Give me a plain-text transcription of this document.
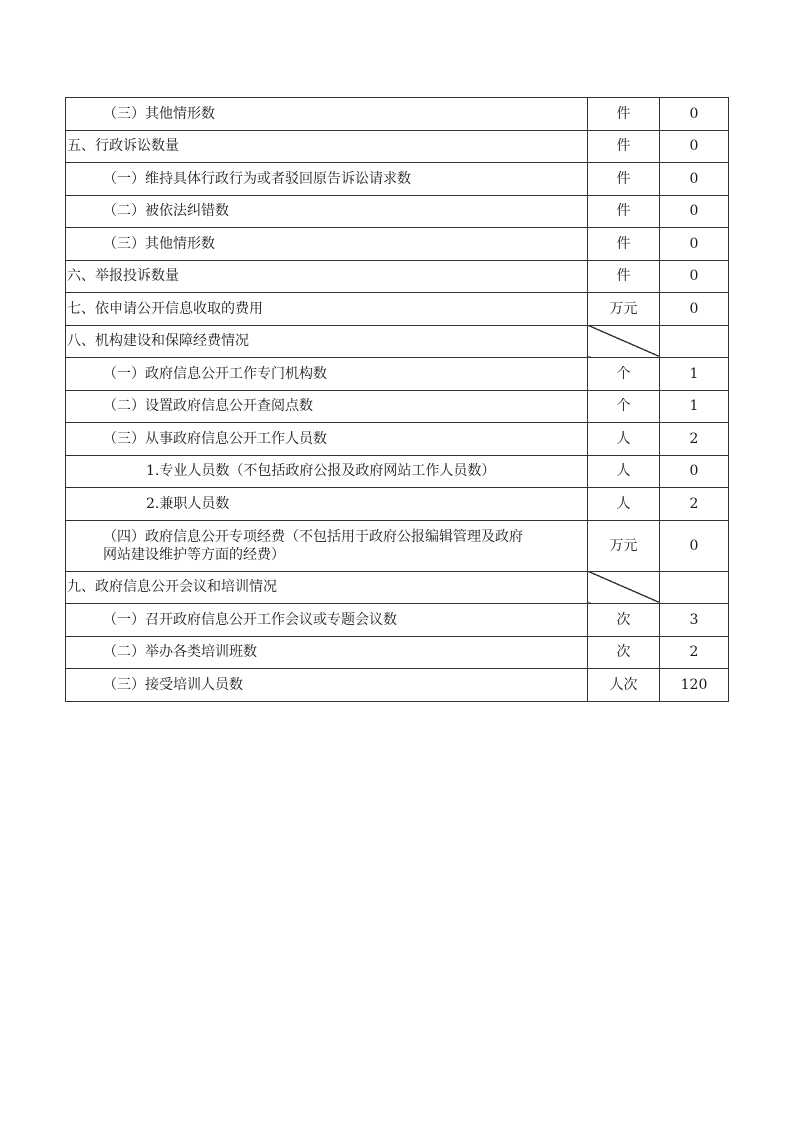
（三）其他情形数	件	0

五、行政诉讼数量	件	0

（一）维持具体行政行为或者驳回原告诉讼请求数	件	0

（二）被依法纠错数	件	0

（三）其他情形数	件	0

六、举报投诉数量	件	0

七、依申请公开信息收取的费用	万元	0

八、机构建设和保障经费情况		

（一）政府信息公开工作专门机构数	个	1

（二）设置政府信息公开查阅点数	个	1

（三）从事政府信息公开工作人员数	人	2

1.专业人员数（不包括政府公报及政府网站工作人员数）	人	0

2.兼职人员数	人	2

（四）政府信息公开专项经费（不包括用于政府公报编辑管理及政府网站建设维护等方面的经费）	万元	0

九、政府信息公开会议和培训情况		

（一）召开政府信息公开工作会议或专题会议数	次	3

（二）举办各类培训班数	次	2

（三）接受培训人员数	人次	120
